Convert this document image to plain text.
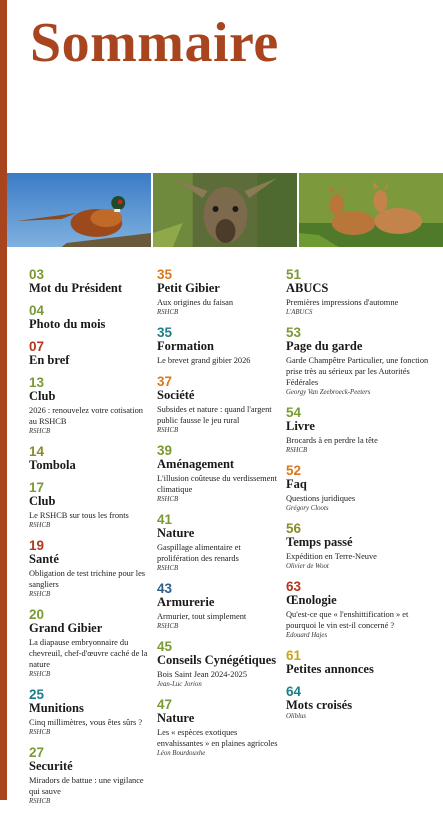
Sommaire
03
Mot du Président
04
Photo du mois
07
En bref
13
Club
2026 : renouvelez votre cotisation au RSHCB
RSHCB
14
Tombola
17
Club
Le RSHCB sur tous les fronts
RSHCB
19
Santé
Obligation de test trichine pour les sangliers
RSHCB
20
Grand Gibier
La diapause embryonnaire du chevreuil, chef-d'œuvre caché de la nature
RSHCB
25
Munitions
Cinq millimètres, vous êtes sûrs ?
RSHCB
27
Securité
Miradors de battue : une vigilance qui sauve
RSHCB
35
Petit Gibier
Aux origines du faisan
RSHCB
35
Formation
Le brevet grand gibier 2026
37
Société
Subsides et nature : quand l'argent public fausse le jeu rural
RSHCB
39
Aménagement
L'illusion coûteuse du verdissement climatique
RSHCB
41
Nature
Gaspillage alimentaire et prolifération des renards
RSHCB
43
Armurerie
Armurier, tout simplement
RSHCB
45
Conseils Cynégétiques
Bois Saint Jean 2024-2025
Jean-Luc Jorion
47
Nature
Les « espèces exotiques envahissantes » en plaines agricoles
Léon Bourdouxhe
51
ABUCS
Premières impressions d'automne
L'ABUCS
53
Page du garde
Garde Champêtre Particulier, une fonction prise très au sérieux par les Autorités Fédérales
Georgy Van Zeebroeck-Peeters
54
Livre
Brocards à en perdre la tête
RSHCB
52
Faq
Questions juridiques
Grégory Cloots
56
Temps passé
Expédition en Terre-Neuve
Olivier de Woot
63
Œnologie
Qu'est-ce que « l'enshittification » et pourquoi le vin est-il concerné ?
Edouard Hajes
61
Petites annonces
64
Mots croisés
Oliblus
